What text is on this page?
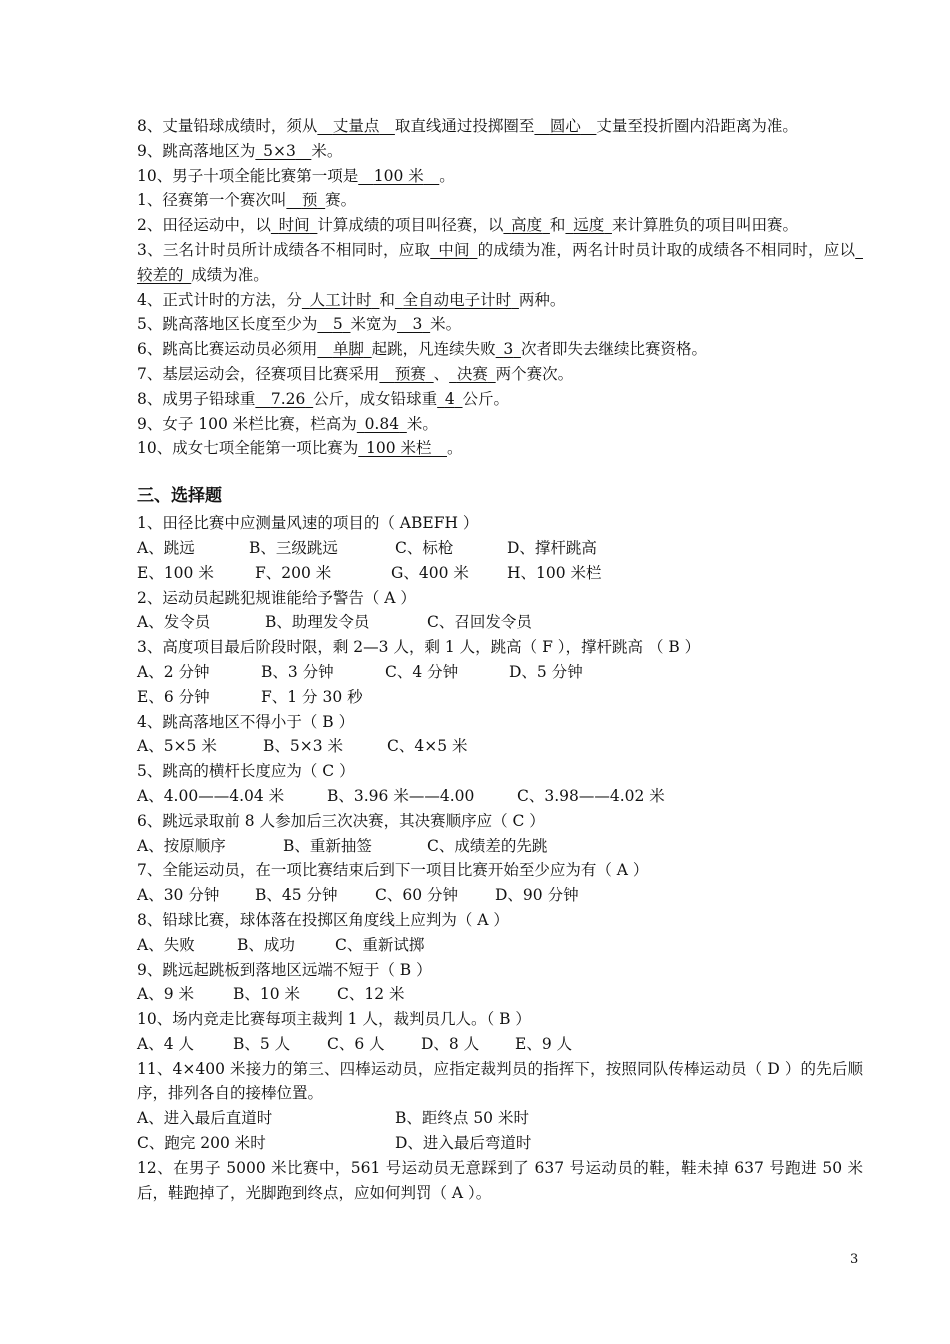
8、丈量铅球成绩时，须从  丈量点  取直线通过投掷圈至  圆心  丈量至投折圈内沿距离为准。
9、跳高落地区为  5×3  米。
10、男子十项全能比赛第一项是  100 米  。
1、径赛第一个赛次叫  预  赛。
2、田径运动中，以  时间  计算成绩的项目叫径赛，以  高度  和  远度  来计算胜负的项目叫田赛。
3、三名计时员所计成绩各不相同时，应取  中间  的成绩为准，两名计时员计取的成绩各不相同时，应以 较差的  成绩为准。
4、正式计时的方法，分  人工计时  和  全自动电子计时  两种。
5、跳高落地区长度至少为  5  米宽为  3  米。
6、跳高比赛运动员必须用  单脚  起跳，凡连续失败  3  次者即失去继续比赛资格。
7、基层运动会，径赛项目比赛采用  预赛  、  决赛  两个赛次。
8、成男子铅球重  7.26  公斤，成女铅球重  4  公斤。
9、女子 100 米栏比赛，栏高为  0.84  米。
10、成女七项全能第一项比赛为  100 米栏  。
三、选择题
1、田径比赛中应测量风速的项目的（ ABEFH ）
A、跳远	B、三级跳远	C、标枪	D、撑杆跳高
E、100 米	F、200 米	G、400 米 H、100 米栏
2、运动员起跳犯规谁能给予警告（ A ）
A、发令员	B、助理发令员	C、召回发令员
3、高度项目最后阶段时限，剩 2—3 人，剩 1 人，跳高（ F ），撑杆跳高 （ B ）
A、2 分钟	B、3 分钟	C、4 分钟	D、5 分钟
E、6 分钟	F、1 分 30 秒
4、跳高落地区不得小于（ B ）
A、5×5 米	B、5×3 米	C、4×5 米
5、跳高的横杆长度应为（ C ）
A、4.00——4.04 米	B、3.96 米——4.00	C、3.98——4.02 米
6、跳远录取前 8 人参加后三次决赛，其决赛顺序应（ C ）
A、按原顺序	B、重新抽签	C、成绩差的先跳
7、全能运动员，在一项比赛结束后到下一项目比赛开始至少应为有（ A ）
A、30 分钟 B、45 分钟 C、60 分钟 D、90 分钟
8、铅球比赛，球体落在投掷区角度线上应判为（ A ）
A、失败	B、成功	C、重新试掷
9、跳远起跳板到落地区远端不短于（ B ）
A、9 米	B、10 米 C、12 米
10、场内竞走比赛每项主裁判 1 人，裁判员几人。（ B ）
A、4 人	B、5 人 C、6 人 D、8 人 E、9 人
11、4×400 米接力的第三、四棒运动员，应指定裁判员的指挥下，按照同队传棒运动员（ D ）的先后顺序，排列各自的接棒位置。
A、进入最后直道时	B、距终点 50 米时
C、跑完 200 米时	D、进入最后弯道时
12、在男子 5000 米比赛中，561 号运动员无意踩到了 637 号运动员的鞋，鞋未掉 637 号跑进 50 米后，鞋跑掉了，光脚跑到终点，应如何判罚（ A ）。
3
